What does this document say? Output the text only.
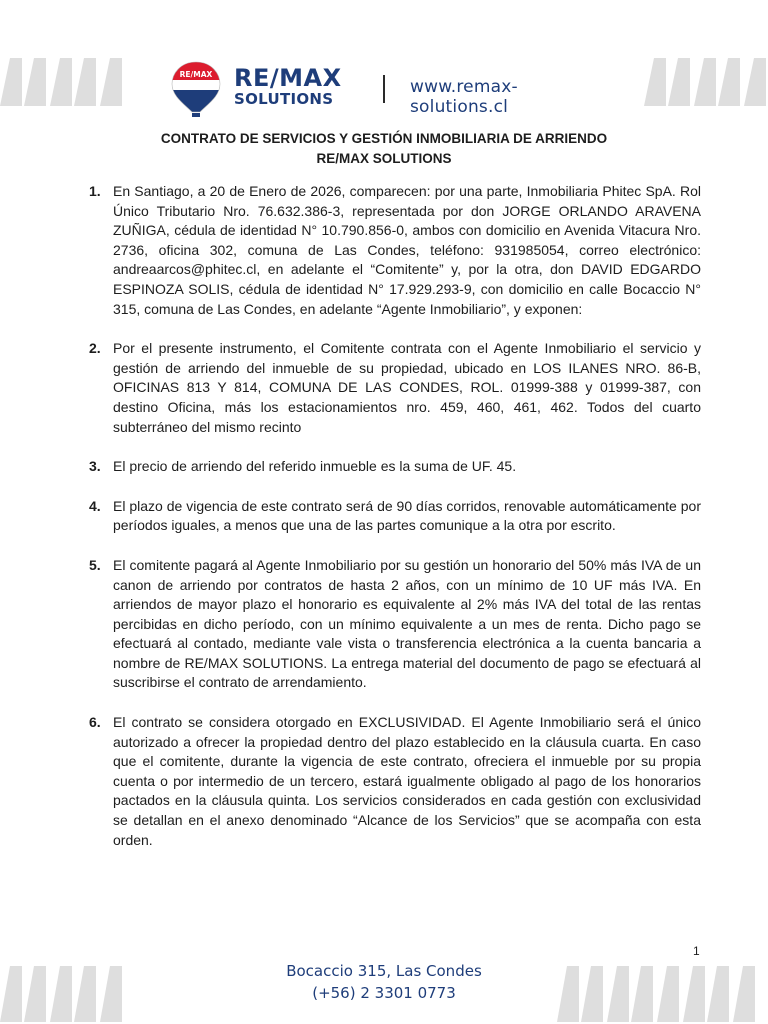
RE/MAX RE/MAX
SOLUTIONS
www.remax-solutions.cl
CONTRATO DE SERVICIOS Y GESTIÓN INMOBILIARIA DE ARRIENDO
RE/MAX SOLUTIONS
1. En Santiago, a 20 de Enero de 2026, comparecen: por una parte, Inmobiliaria Phitec SpA. Rol Único Tributario Nro. 76.632.386-3, representada por don JORGE ORLANDO ARAVENA ZUÑIGA, cédula de identidad N° 10.790.856-0, ambos con domicilio en Avenida Vitacura Nro. 2736, oficina 302, comuna de Las Condes, teléfono: 931985054, correo electrónico: andreaarcos@phitec.cl, en adelante el “Comitente” y, por la otra, don DAVID EDGARDO ESPINOZA SOLIS, cédula de identidad N° 17.929.293-9, con domicilio en calle Bocaccio N° 315, comuna de Las Condes, en adelante “Agente Inmobiliario”, y exponen:
2. Por el presente instrumento, el Comitente contrata con el Agente Inmobiliario el servicio y gestión de arriendo del inmueble de su propiedad, ubicado en LOS ILANES NRO. 86-B, OFICINAS 813 Y 814, COMUNA DE LAS CONDES, ROL. 01999-388 y 01999-387, con destino Oficina, más los estacionamientos nro. 459, 460, 461, 462. Todos del cuarto subterráneo del mismo recinto
3. El precio de arriendo del referido inmueble es la suma de UF. 45.
4. El plazo de vigencia de este contrato será de 90 días corridos, renovable automáticamente por períodos iguales, a menos que una de las partes comunique a la otra por escrito.
5. El comitente pagará al Agente Inmobiliario por su gestión un honorario del 50% más IVA de un canon de arriendo por contratos de hasta 2 años, con un mínimo de 10 UF más IVA. En arriendos de mayor plazo el honorario es equivalente al 2% más IVA del total de las rentas percibidas en dicho período, con un mínimo equivalente a un mes de renta. Dicho pago se efectuará al contado, mediante vale vista o transferencia electrónica a la cuenta bancaria a nombre de RE/MAX SOLUTIONS. La entrega material del documento de pago se efectuará al suscribirse el contrato de arrendamiento.
6. El contrato se considera otorgado en EXCLUSIVIDAD. El Agente Inmobiliario será el único autorizado a ofrecer la propiedad dentro del plazo establecido en la cláusula cuarta. En caso que el comitente, durante la vigencia de este contrato, ofreciera el inmueble por su propia cuenta o por intermedio de un tercero, estará igualmente obligado al pago de los honorarios pactados en la cláusula quinta. Los servicios considerados en cada gestión con exclusividad se detallan en el anexo denominado “Alcance de los Servicios” que se acompaña con esta orden.
1
Bocaccio 315, Las Condes
(+56) 2 3301 0773
